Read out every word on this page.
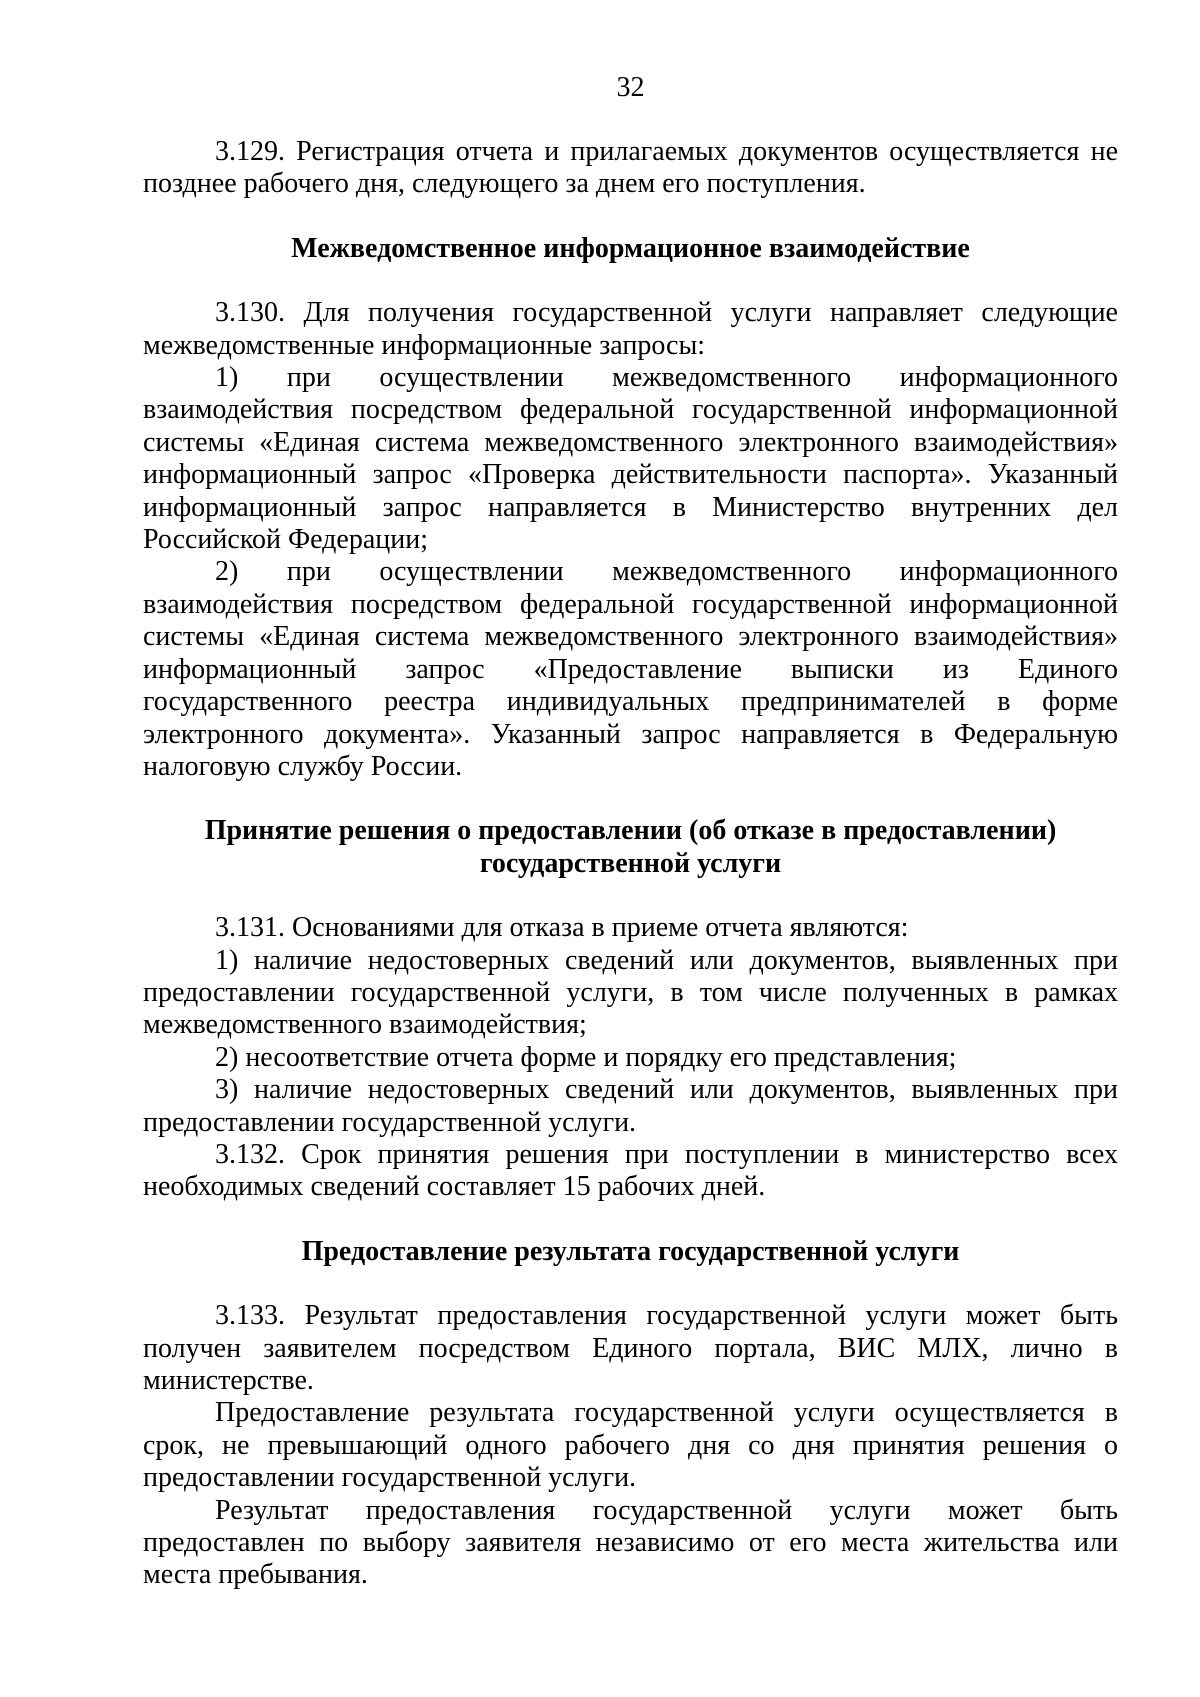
32

3.129. Регистрация отчета и прилагаемых документов осуществляется не позднее рабочего дня, следующего за днем его поступления.

Межведомственное информационное взаимодействие

3.130. Для получения государственной услуги направляет следующие межведомственные информационные запросы:

1) при осуществлении межведомственного информационного взаимодействия посредством федеральной государственной информационной системы «Единая система межведомственного электронного взаимодействия» информационный запрос «Проверка действительности паспорта». Указанный информационный запрос направляется в Министерство внутренних дел Российской Федерации;

2) при осуществлении межведомственного информационного взаимодействия посредством федеральной государственной информационной системы «Единая система межведомственного электронного взаимодействия» информационный запрос «Предоставление выписки из Единого государственного реестра индивидуальных предпринимателей в форме электронного документа». Указанный запрос направляется в Федеральную налоговую службу России.

Принятие решения о предоставлении (об отказе в предоставлении)
государственной услуги

3.131. Основаниями для отказа в приеме отчета являются:

1) наличие недостоверных сведений или документов, выявленных при предоставлении государственной услуги, в том числе полученных в рамках межведомственного взаимодействия;

2) несоответствие отчета форме и порядку его представления;

3) наличие недостоверных сведений или документов, выявленных при предоставлении государственной услуги.

3.132. Срок принятия решения при поступлении в министерство всех необходимых сведений составляет 15 рабочих дней.

Предоставление результата государственной услуги

3.133. Результат предоставления государственной услуги может быть получен заявителем посредством Единого портала, ВИС МЛХ, лично в министерстве.

Предоставление результата государственной услуги осуществляется в срок, не превышающий одного рабочего дня со дня принятия решения о предоставлении государственной услуги.

Результат предоставления государственной услуги может быть предоставлен по выбору заявителя независимо от его места жительства или места пребывания.
